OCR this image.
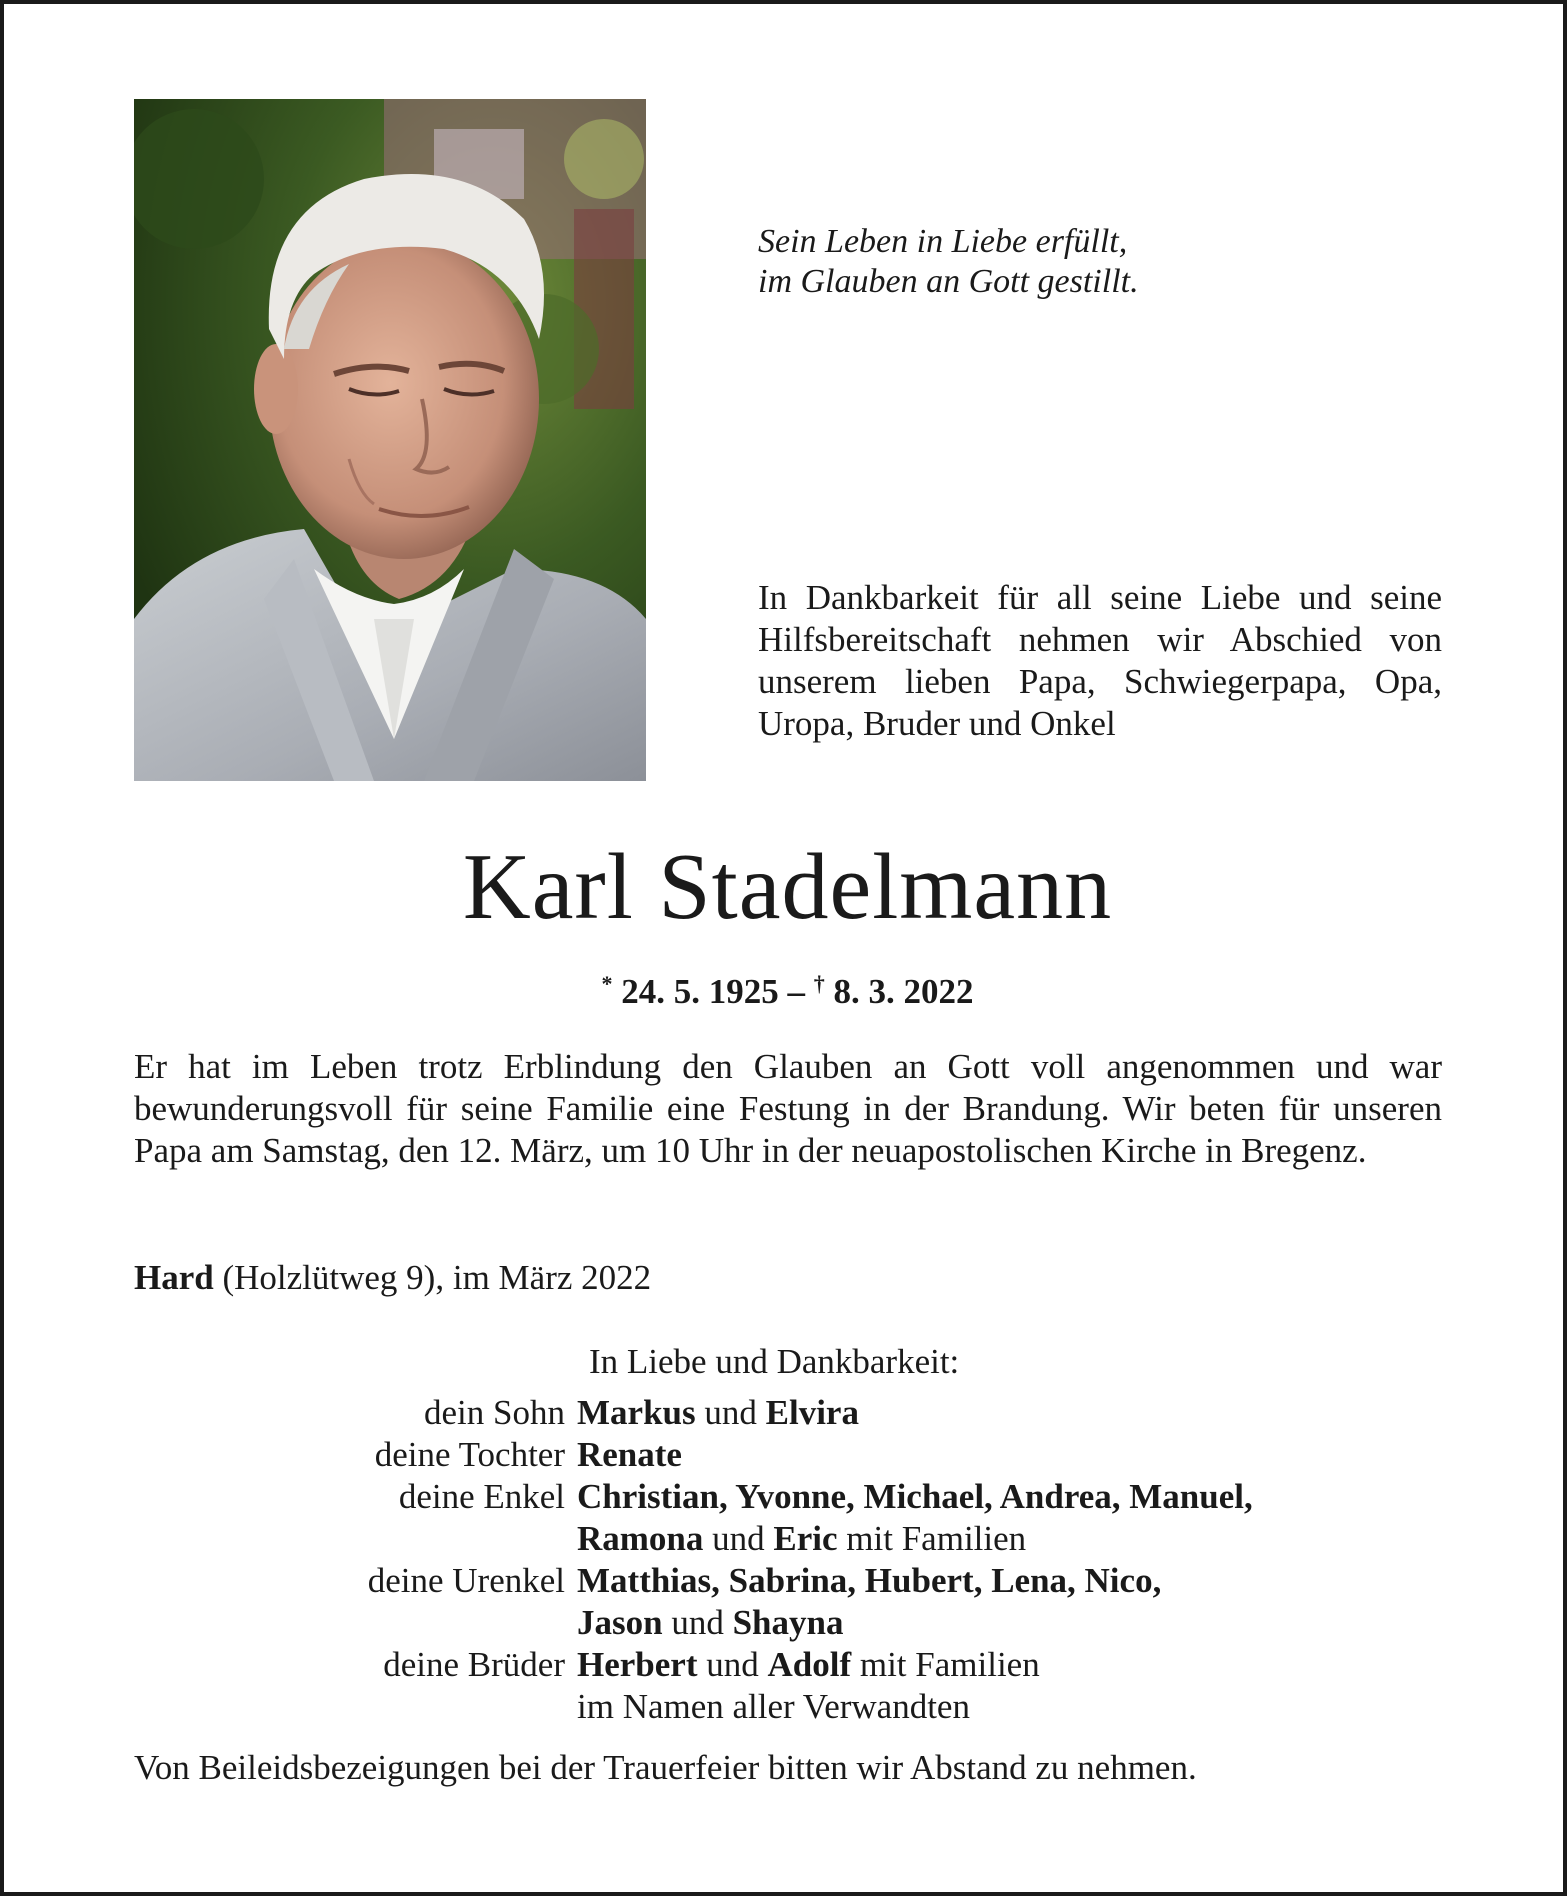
Sein Leben in Liebe erfüllt,
im Glauben an Gott gestillt.

In Dankbarkeit für all seine Liebe und seine Hilfsbereitschaft nehmen wir Abschied von unserem lieben Papa, Schwiegerpapa, Opa, Uropa, Bruder und Onkel

Karl Stadelmann

* 24. 5. 1925 – † 8. 3. 2022

Er hat im Leben trotz Erblindung den Glauben an Gott voll angenommen und war bewunderungsvoll für seine Familie eine Festung in der Brandung. Wir beten für unseren Papa am Samstag, den 12. März, um 10 Uhr in der neuapostolischen Kirche in Bregenz.

Hard (Holzlütweg 9), im März 2022

In Liebe und Dankbarkeit:

dein Sohn Markus und Elvira
deine Tochter Renate
deine Enkel Christian, Yvonne, Michael, Andrea, Manuel,
Ramona und Eric mit Familien
deine Urenkel Matthias, Sabrina, Hubert, Lena, Nico,
Jason und Shayna
deine Brüder Herbert und Adolf mit Familien
im Namen aller Verwandten

Von Beileidsbezeigungen bei der Trauerfeier bitten wir Abstand zu nehmen.
